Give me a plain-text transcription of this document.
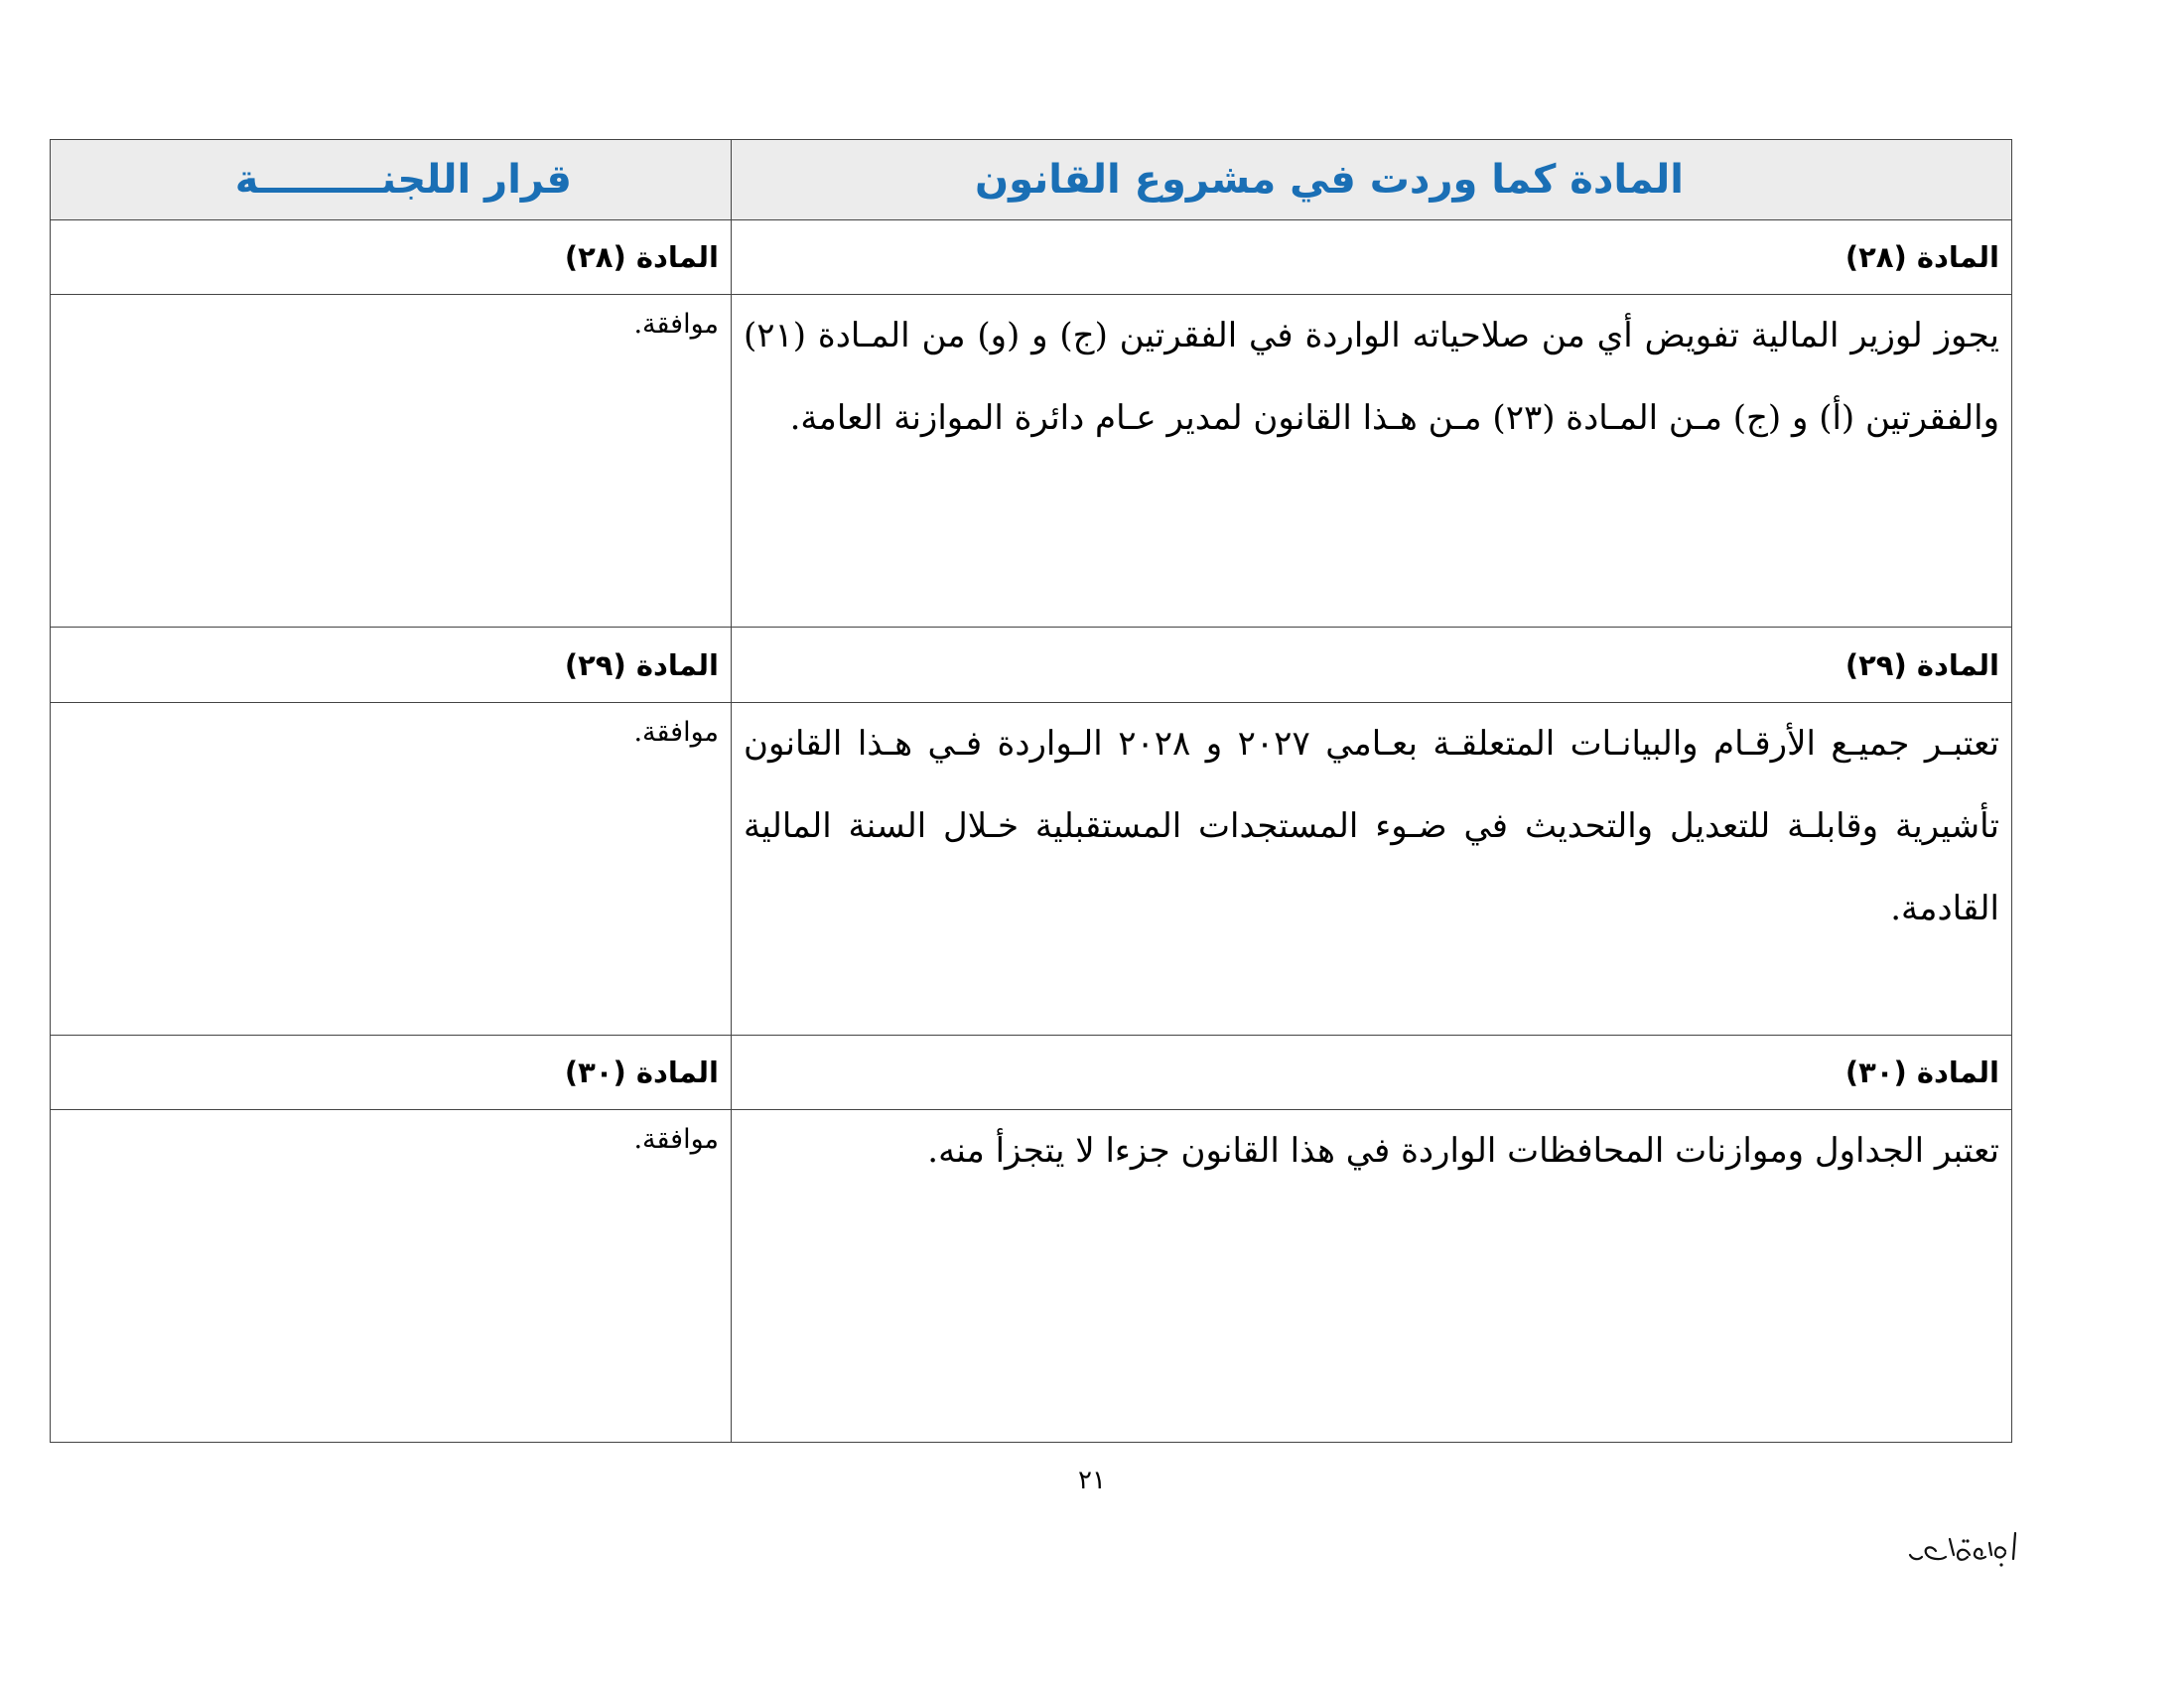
المادة كما وردت في مشروع القانون	قرار اللجنـــــــــة
المادة (٢٨)	المادة (٢٨)
يجوز لوزير المالية تفويض أي من صلاحياته الواردة في الفقرتين (ج) و (و) من المـادة (٢١) والفقرتين (أ) و (ج) مـن المـادة (٢٣) مـن هـذا القانون لمدير عـام دائرة الموازنة العامة.	موافقة.
المادة (٢٩)	المادة (٢٩)
تعتبـر جميـع الأرقـام والبيانـات المتعلقـة بعـامي ٢٠٢٧ و ٢٠٢٨ الـواردة فـي هـذا القانون تأشيرية وقابلـة للتعديل والتحديث في ضـوء المستجدات المستقبلية خـلال السنة المالية القادمة.	موافقة.
المادة (٣٠)	المادة (٣٠)
تعتبر الجداول وموازنات المحافظات الواردة في هذا القانون جزءا لا يتجزأ منه.	موافقة.
٢١
